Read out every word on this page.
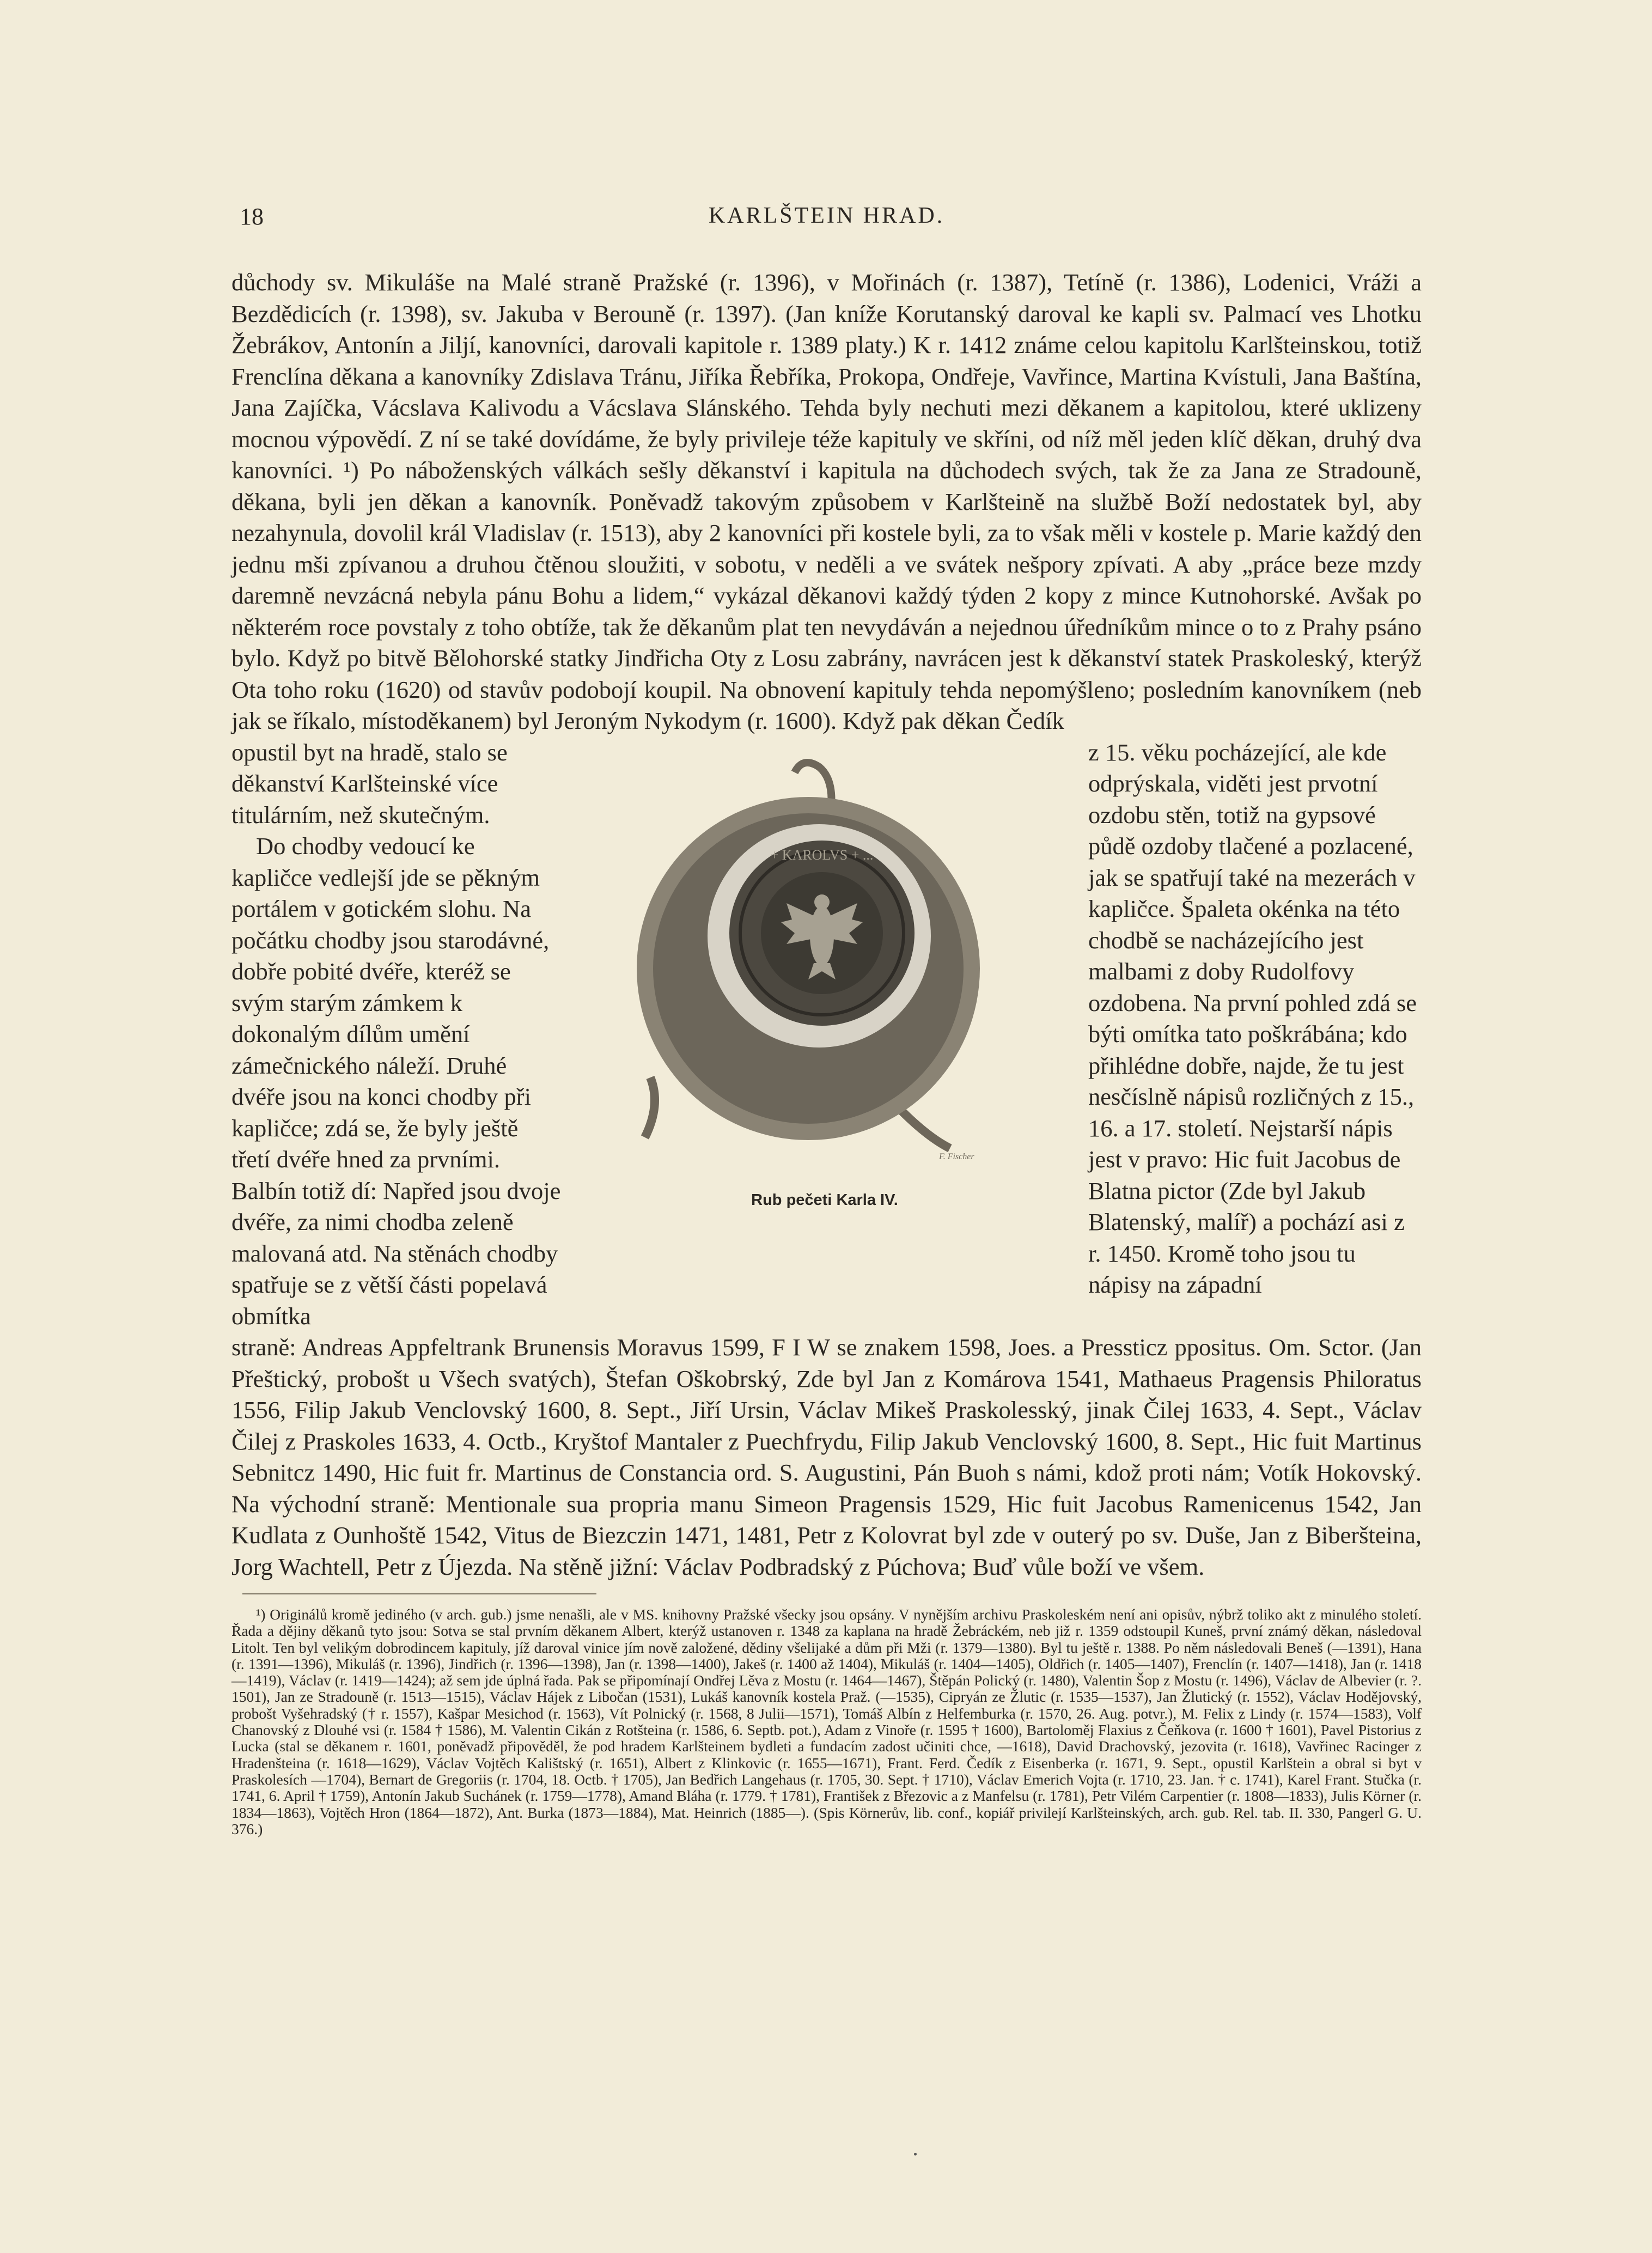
18	KARLŠTEIN HRAD.

důchody sv. Mikuláše na Malé straně Pražské (r. 1396), v Mořinách (r. 1387), Tetíně (r. 1386), Lodenici, Vráži a Bezdědicích (r. 1398), sv. Jakuba v Berouně (r. 1397). (Jan kníže Korutanský daroval ke kapli sv. Palmací ves Lhotku Žebrákov, Antonín a Jiljí, kanovníci, darovali kapitole r. 1389 platy.) K r. 1412 známe celou kapitolu Karlšteinskou, totiž Frenclína děkana a kanovníky Zdislava Tránu, Jiříka Řebříka, Prokopa, Ondřeje, Vavřince, Martina Kvístuli, Jana Baštína, Jana Zajíčka, Vácslava Kalivodu a Vácslava Slánského. Tehda byly nechuti mezi děkanem a kapitolou, které uklizeny mocnou výpovědí. Z ní se také dovídáme, že byly privileje téže kapituly ve skříni, od níž měl jeden klíč děkan, druhý dva kanovníci. ¹) Po náboženských válkách sešly děkanství i kapitula na důchodech svých, tak že za Jana ze Stradouně, děkana, byli jen děkan a kanovník. Poněvadž takovým způsobem v Karlšteině na službě Boží nedostatek byl, aby nezahynula, dovolil král Vladislav (r. 1513), aby 2 kanovníci při kostele byli, za to však měli v kostele p. Marie každý den jednu mši zpívanou a druhou čtěnou sloužiti, v sobotu, v neděli a ve svátek nešpory zpívati. A aby „práce beze mzdy daremně nevzácná nebyla pánu Bohu a lidem,“ vykázal děkanovi každý týden 2 kopy z mince Kutnohorské. Avšak po některém roce povstaly z toho obtíže, tak že děkanům plat ten nevydáván a nejednou úředníkům mince o to z Prahy psáno bylo. Když po bitvě Bělohorské statky Jindřicha Oty z Losu zabrány, navrácen jest k děkanství statek Praskoleský, kterýž Ota toho roku (1620) od stavův podobojí koupil. Na obnovení kapituly tehda nepomýšleno; posledním kanovníkem (neb jak se říkalo, místoděkanem) byl Jeroným Nykodym (r. 1600). Když pak děkan Čedík

opustil byt na hradě, stalo se děkanství Karlšteinské více titulárním, než skutečným.

Do chodby vedoucí ke kapličce vedlejší jde se pěkným portálem v gotickém slohu. Na počátku chodby jsou starodávné, dobře pobité dvéře, kteréž se svým starým zámkem k dokonalým dílům umění zámečnického náleží. Druhé dvéře jsou na konci chodby při kapličce; zdá se, že byly ještě třetí dvéře hned za prvními. Balbín totiž dí: Napřed jsou dvoje dvéře, za nimi chodba zeleně malovaná atd. Na stěnách chodby spatřuje se z větší části popelavá obmítka

+ KAROLVS + ...
F. Fischer
Rub pečeti Karla IV.

z 15. věku pocházející, ale kde odprýskala, viděti jest prvotní ozdobu stěn, totiž na gypsové půdě ozdoby tlačené a pozlacené, jak se spatřují také na mezerách v kapličce. Špaleta okénka na této chodbě se nacházejícího jest malbami z doby Rudolfovy ozdobena. Na první pohled zdá se býti omítka tato poškrábána; kdo přihlédne dobře, najde, že tu jest nesčíslně nápisů rozličných z 15., 16. a 17. století. Nejstarší nápis jest v pravo: Hic fuit Jacobus de Blatna pictor (Zde byl Jakub Blatenský, malíř) a pochází asi z r. 1450. Kromě toho jsou tu nápisy na západní

straně: Andreas Appfeltrank Brunensis Moravus 1599, F I W se znakem 1598, Joes. a Pressticz ppositus. Om. Sctor. (Jan Přeštický, probošt u Všech svatých), Štefan Oškobrský, Zde byl Jan z Komárova 1541, Mathaeus Pragensis Philoratus 1556, Filip Jakub Venclovský 1600, 8. Sept., Jiří Ursin, Václav Mikeš Praskolesský, jinak Čilej 1633, 4. Sept., Václav Čilej z Praskoles 1633, 4. Octb., Kryštof Mantaler z Puechfrydu, Filip Jakub Venclovský 1600, 8. Sept., Hic fuit Martinus Sebnitcz 1490, Hic fuit fr. Martinus de Constancia ord. S. Augustini, Pán Buoh s námi, kdož proti nám; Votík Hokovský. Na východní straně: Mentionale sua propria manu Simeon Pragensis 1529, Hic fuit Jacobus Ramenicenus 1542, Jan Kudlata z Ounhoště 1542, Vitus de Biezczin 1471, 1481, Petr z Kolovrat byl zde v outerý po sv. Duše, Jan z Biberšteina, Jorg Wachtell, Petr z Újezda. Na stěně jižní: Václav Podbradský z Púchova; Buď vůle boží ve všem.

¹) Originálů kromě jediného (v arch. gub.) jsme nenašli, ale v MS. knihovny Pražské všecky jsou opsány. V nynějším archivu Praskoleském není ani opisův, nýbrž toliko akt z minulého století. Řada a dějiny děkanů tyto jsou: Sotva se stal prvním děkanem Albert, kterýž ustanoven r. 1348 za kaplana na hradě Žebráckém, neb již r. 1359 odstoupil Kuneš, první známý děkan, následoval Litolt. Ten byl velikým dobrodincem kapituly, jíž daroval vinice jím nově založené, dědiny všelijaké a dům při Mži (r. 1379—1380). Byl tu ještě r. 1388. Po něm následovali Beneš (—1391), Hana (r. 1391—1396), Mikuláš (r. 1396), Jindřich (r. 1396—1398), Jan (r. 1398—1400), Jakeš (r. 1400 až 1404), Mikuláš (r. 1404—1405), Oldřich (r. 1405—1407), Frenclín (r. 1407—1418), Jan (r. 1418—1419), Václav (r. 1419—1424); až sem jde úplná řada. Pak se připomínají Ondřej Lěva z Mostu (r. 1464—1467), Štěpán Polický (r. 1480), Valentin Šop z Mostu (r. 1496), Václav de Albevier (r. ?. 1501), Jan ze Stradouně (r. 1513—1515), Václav Hájek z Libočan (1531), Lukáš kanovník kostela Praž. (—1535), Cipryán ze Žlutic (r. 1535—1537), Jan Žlutický (r. 1552), Václav Hodějovský, probošt Vyšehradský († r. 1557), Kašpar Mesichod (r. 1563), Vít Polnický (r. 1568, 8 Julii—1571), Tomáš Albín z Helfemburka (r. 1570, 26. Aug. potvr.), M. Felix z Lindy (r. 1574—1583), Volf Chanovský z Dlouhé vsi (r. 1584 † 1586), M. Valentin Cikán z Rotšteina (r. 1586, 6. Septb. pot.), Adam z Vinoře (r. 1595 † 1600), Bartoloměj Flaxius z Čeňkova (r. 1600 † 1601), Pavel Pistorius z Lucka (stal se děkanem r. 1601, poněvadž připověděl, že pod hradem Karlšteinem bydleti a fundacím zadost učiniti chce, —1618), David Drachovský, jezovita (r. 1618), Vavřinec Racinger z Hradenšteina (r. 1618—1629), Václav Vojtěch Kalištský (r. 1651), Albert z Klinkovic (r. 1655—1671), Frant. Ferd. Čedík z Eisenberka (r. 1671, 9. Sept., opustil Karlštein a obral si byt v Praskolesích —1704), Bernart de Gregoriis (r. 1704, 18. Octb. † 1705), Jan Bedřich Langehaus (r. 1705, 30. Sept. † 1710), Václav Emerich Vojta (r. 1710, 23. Jan. † c. 1741), Karel Frant. Stučka (r. 1741, 6. April † 1759), Antonín Jakub Suchánek (r. 1759—1778), Amand Bláha (r. 1779. † 1781), František z Březovic a z Manfelsu (r. 1781), Petr Vilém Carpentier (r. 1808—1833), Julis Körner (r. 1834—1863), Vojtěch Hron (1864—1872), Ant. Burka (1873—1884), Mat. Heinrich (1885—). (Spis Körnerův, lib. conf., kopiář privilejí Karlšteinských, arch. gub. Rel. tab. II. 330, Pangerl G. U. 376.)
